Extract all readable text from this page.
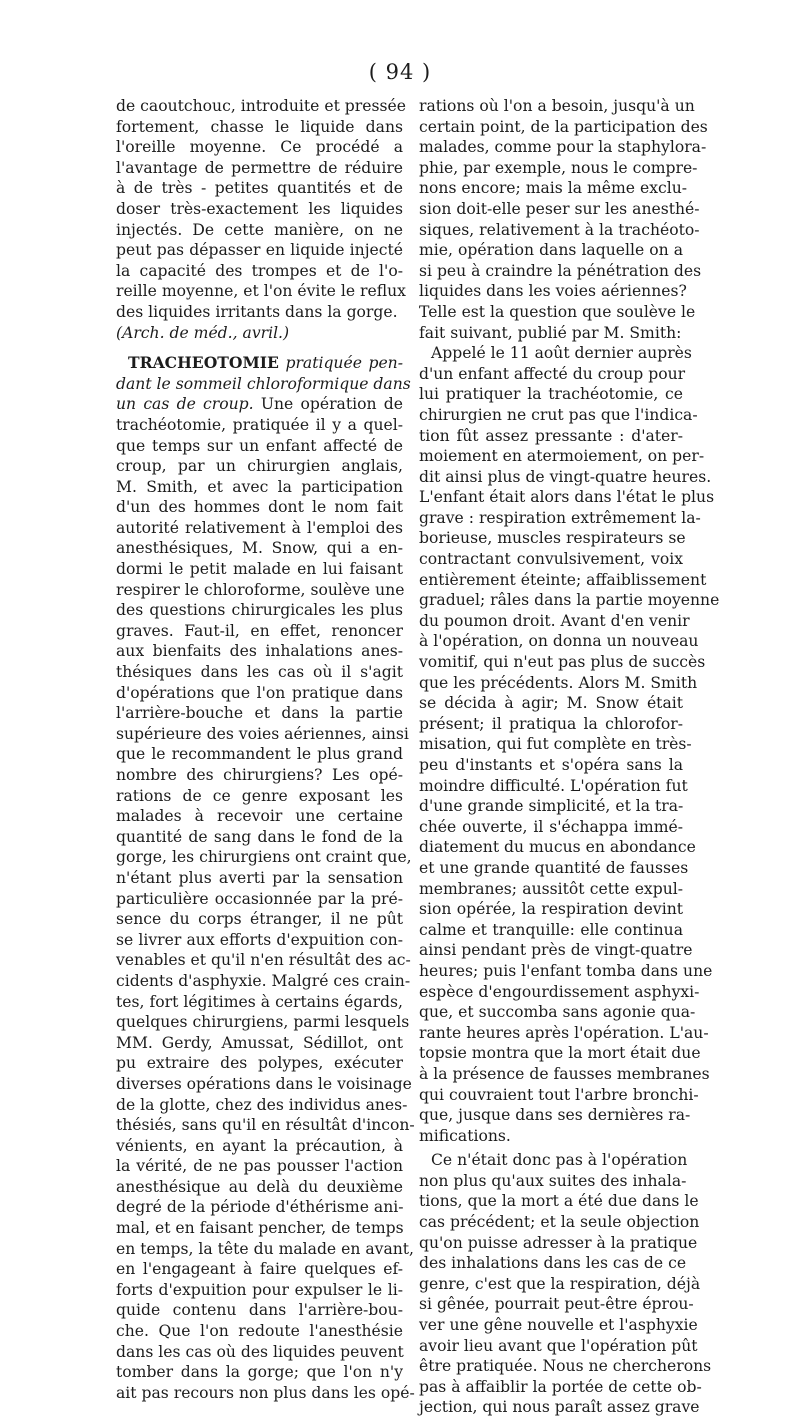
( 94 )
de caoutchouc, introduite et pressée
fortement, chasse le liquide dans
l'oreille moyenne. Ce procédé a
l'avantage de permettre de réduire
à de très - petites quantités et de
doser très-exactement les liquides
injectés. De cette manière, on ne
peut pas dépasser en liquide injecté
la capacité des trompes et de l'o-
reille moyenne, et l'on évite le reflux
des liquides irritants dans la gorge.
(Arch. de méd., avril.)
TRACHEOTOMIE pratiquée pen-
dant le sommeil chloroformique dans
un cas de croup. Une opération de
trachéotomie, pratiquée il y a quel-
que temps sur un enfant affecté de
croup, par un chirurgien anglais,
M. Smith, et avec la participation
d'un des hommes dont le nom fait
autorité relativement à l'emploi des
anesthésiques, M. Snow, qui a en-
dormi le petit malade en lui faisant
respirer le chloroforme, soulève une
des questions chirurgicales les plus
graves. Faut-il, en effet, renoncer
aux bienfaits des inhalations anes-
thésiques dans les cas où il s'agit
d'opérations que l'on pratique dans
l'arrière-bouche et dans la partie
supérieure des voies aériennes, ainsi
que le recommandent le plus grand
nombre des chirurgiens? Les opé-
rations de ce genre exposant les
malades à recevoir une certaine
quantité de sang dans le fond de la
gorge, les chirurgiens ont craint que,
n'étant plus averti par la sensation
particulière occasionnée par la pré-
sence du corps étranger, il ne pût
se livrer aux efforts d'expuition con-
venables et qu'il n'en résultât des ac-
cidents d'asphyxie. Malgré ces crain-
tes, fort légitimes à certains égards,
quelques chirurgiens, parmi lesquels
MM. Gerdy, Amussat, Sédillot, ont
pu extraire des polypes, exécuter
diverses opérations dans le voisinage
de la glotte, chez des individus anes-
thésiés, sans qu'il en résultât d'incon-
vénients, en ayant la précaution, à
la vérité, de ne pas pousser l'action
anesthésique au delà du deuxième
degré de la période d'éthérisme ani-
mal, et en faisant pencher, de temps
en temps, la tête du malade en avant,
en l'engageant à faire quelques ef-
forts d'expuition pour expulser le li-
quide contenu dans l'arrière-bou-
che. Que l'on redoute l'anesthésie
dans les cas où des liquides peuvent
tomber dans la gorge; que l'on n'y
ait pas recours non plus dans les opé-
rations où l'on a besoin, jusqu'à un
certain point, de la participation des
malades, comme pour la staphylora-
phie, par exemple, nous le compre-
nons encore; mais la même exclu-
sion doit-elle peser sur les anesthé-
siques, relativement à la trachéoto-
mie, opération dans laquelle on a
si peu à craindre la pénétration des
liquides dans les voies aériennes?
Telle est la question que soulève le
fait suivant, publié par M. Smith:
Appelé le 11 août dernier auprès
d'un enfant affecté du croup pour
lui pratiquer la trachéotomie, ce
chirurgien ne crut pas que l'indica-
tion fût assez pressante : d'ater-
moiement en atermoiement, on per-
dit ainsi plus de vingt-quatre heures.
L'enfant était alors dans l'état le plus
grave : respiration extrêmement la-
borieuse, muscles respirateurs se
contractant convulsivement, voix
entièrement éteinte; affaiblissement
graduel; râles dans la partie moyenne
du poumon droit. Avant d'en venir
à l'opération, on donna un nouveau
vomitif, qui n'eut pas plus de succès
que les précédents. Alors M. Smith
se décida à agir; M. Snow était
présent; il pratiqua la chlorofor-
misation, qui fut complète en très-
peu d'instants et s'opéra sans la
moindre difficulté. L'opération fut
d'une grande simplicité, et la tra-
chée ouverte, il s'échappa immé-
diatement du mucus en abondance
et une grande quantité de fausses
membranes; aussitôt cette expul-
sion opérée, la respiration devint
calme et tranquille: elle continua
ainsi pendant près de vingt-quatre
heures; puis l'enfant tomba dans une
espèce d'engourdissement asphyxi-
que, et succomba sans agonie qua-
rante heures après l'opération. L'au-
topsie montra que la mort était due
à la présence de fausses membranes
qui couvraient tout l'arbre bronchi-
que, jusque dans ses dernières ra-
mifications.
Ce n'était donc pas à l'opération
non plus qu'aux suites des inhala-
tions, que la mort a été due dans le
cas précédent; et la seule objection
qu'on puisse adresser à la pratique
des inhalations dans les cas de ce
genre, c'est que la respiration, déjà
si gênée, pourrait peut-être éprou-
ver une gêne nouvelle et l'asphyxie
avoir lieu avant que l'opération pût
être pratiquée. Nous ne chercherons
pas à affaiblir la portée de cette ob-
jection, qui nous paraît assez grave
